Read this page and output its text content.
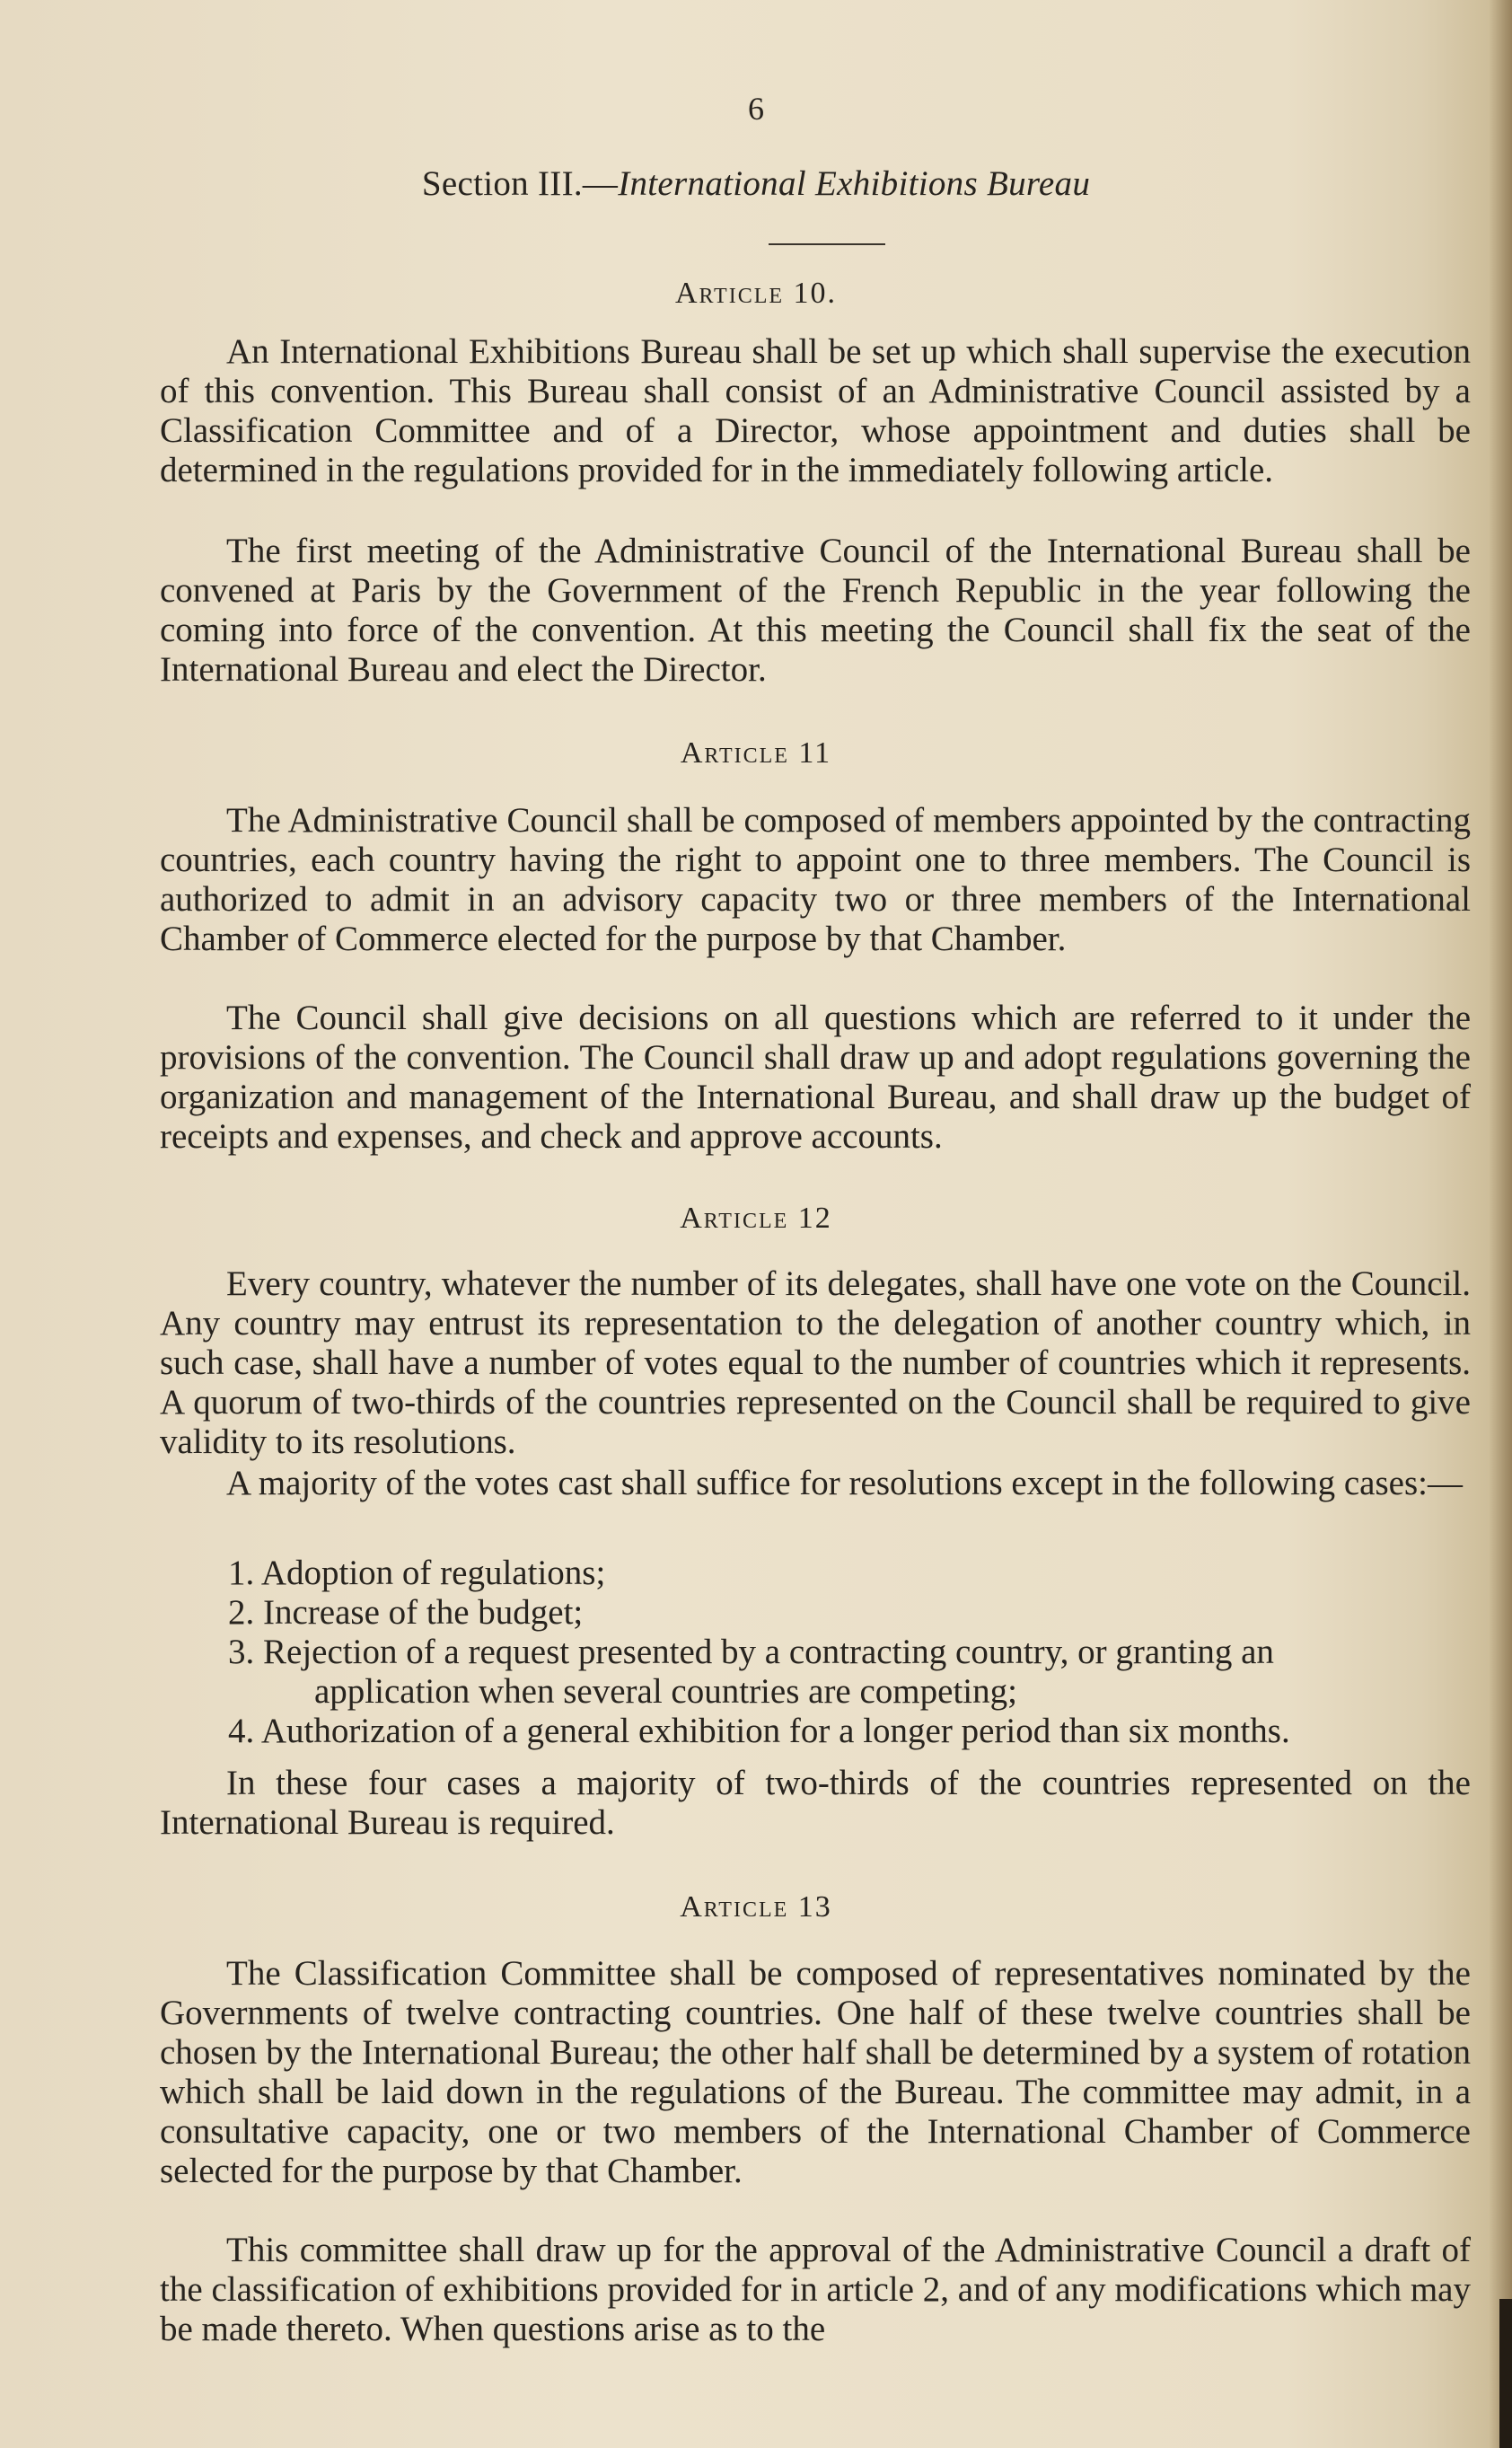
6
Section III.—International Exhibitions Bureau
Article 10.

An International Exhibitions Bureau shall be set up which shall supervise the execution of this convention. This Bureau shall consist of an Administrative Council assisted by a Classification Committee and of a Director, whose appointment and duties shall be determined in the regulations provided for in the immediately following article.

The first meeting of the Administrative Council of the International Bureau shall be convened at Paris by the Government of the French Republic in the year following the coming into force of the convention. At this meeting the Council shall fix the seat of the International Bureau and elect the Director.

Article 11

The Administrative Council shall be composed of members appointed by the contracting countries, each country having the right to appoint one to three members. The Council is authorized to admit in an advisory capacity two or three members of the International Chamber of Commerce elected for the purpose by that Chamber.

The Council shall give decisions on all questions which are referred to it under the provisions of the convention. The Council shall draw up and adopt regulations governing the organization and management of the International Bureau, and shall draw up the budget of receipts and expenses, and check and approve accounts.

Article 12

Every country, whatever the number of its delegates, shall have one vote on the Council. Any country may entrust its representation to the delegation of another country which, in such case, shall have a number of votes equal to the number of countries which it represents. A quorum of two-thirds of the countries represented on the Council shall be required to give validity to its resolutions.

A majority of the votes cast shall suffice for resolutions except in the following cases:—

1. Adoption of regulations;
2. Increase of the budget;
3. Rejection of a request presented by a contracting country, or granting an
application when several countries are competing;
4. Authorization of a general exhibition for a longer period than six months.

In these four cases a majority of two-thirds of the countries represented on the International Bureau is required.

Article 13

The Classification Committee shall be composed of representatives nominated by the Governments of twelve contracting countries. One half of these twelve countries shall be chosen by the International Bureau; the other half shall be determined by a system of rotation which shall be laid down in the regulations of the Bureau. The committee may admit, in a consultative capacity, one or two members of the International Chamber of Commerce selected for the purpose by that Chamber.

This committee shall draw up for the approval of the Administrative Council a draft of the classification of exhibitions provided for in article 2, and of any modifications which may be made thereto. When questions arise as to the
